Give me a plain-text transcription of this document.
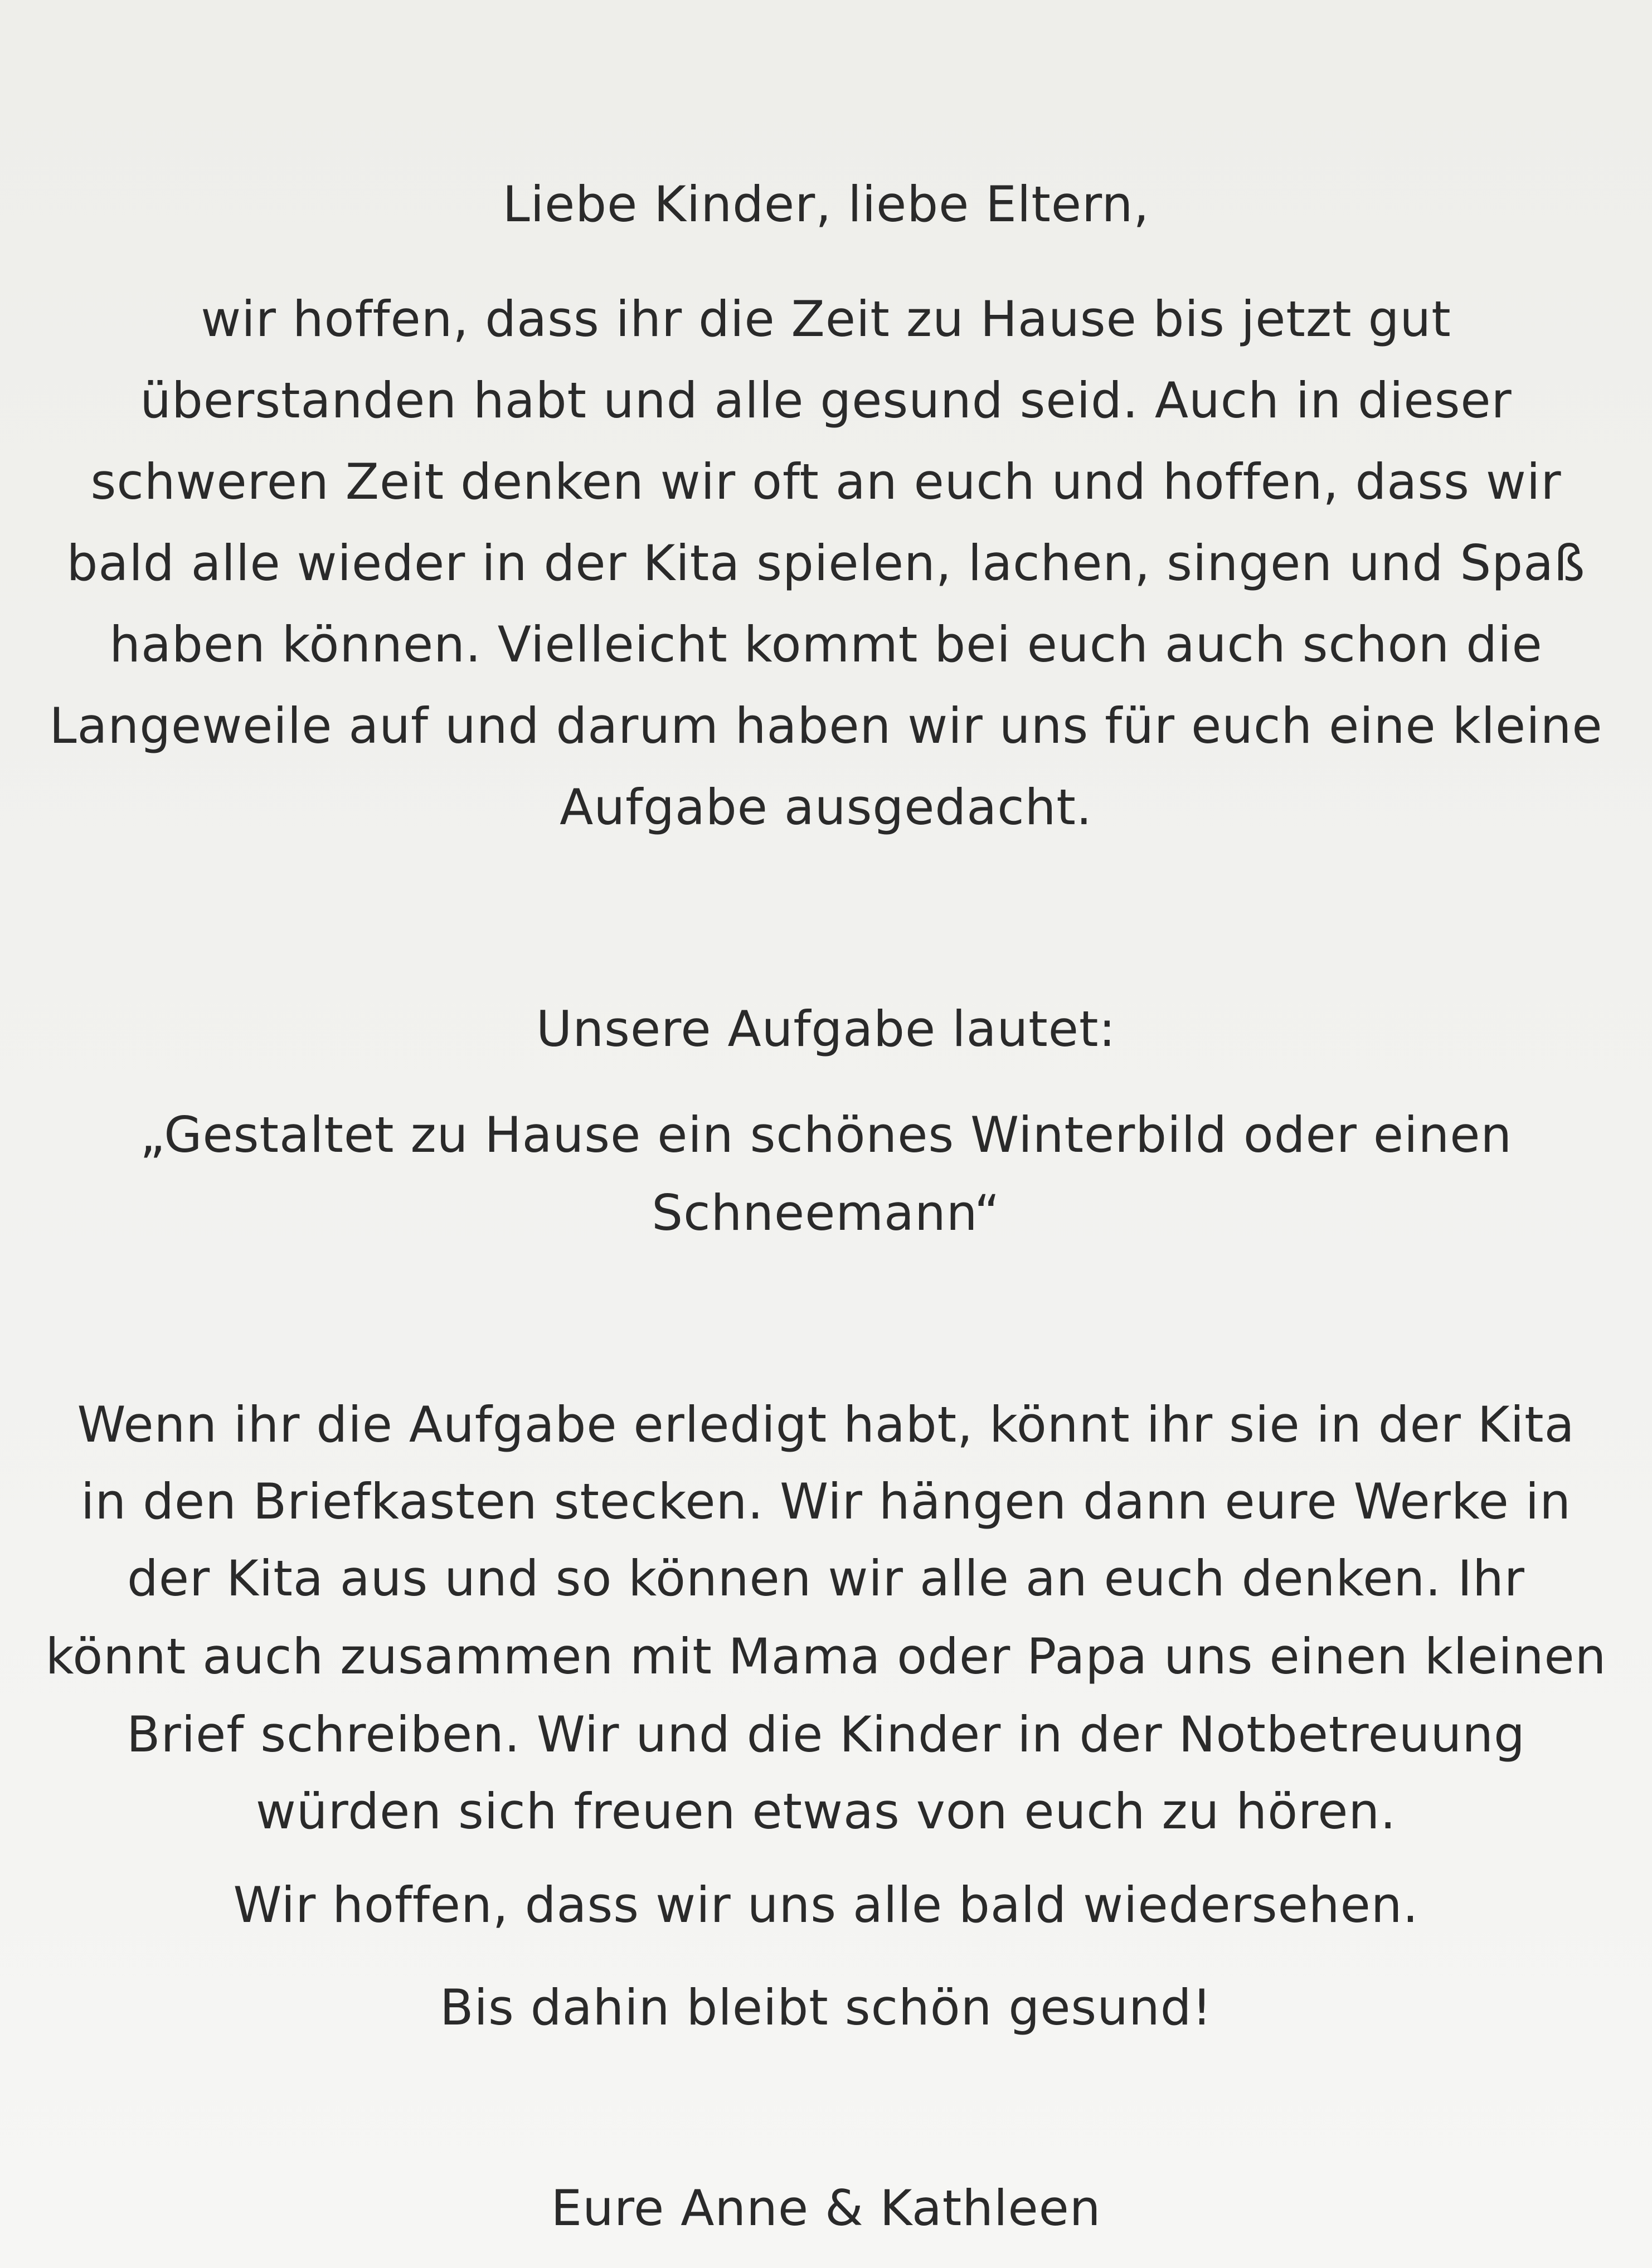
Liebe Kinder, liebe Eltern,
wir hoffen, dass ihr die Zeit zu Hause bis jetzt gut
überstanden habt und alle gesund seid. Auch in dieser
schweren Zeit denken wir oft an euch und hoffen, dass wir
bald alle wieder in der Kita spielen, lachen, singen und Spaß
haben können. Vielleicht kommt bei euch auch schon die
Langeweile auf und darum haben wir uns für euch eine kleine
Aufgabe ausgedacht.
Unsere Aufgabe lautet:
„Gestaltet zu Hause ein schönes Winterbild oder einen
Schneemann“
Wenn ihr die Aufgabe erledigt habt, könnt ihr sie in der Kita
in den Briefkasten stecken. Wir hängen dann eure Werke in
der Kita aus und so können wir alle an euch denken. Ihr
könnt auch zusammen mit Mama oder Papa uns einen kleinen
Brief schreiben. Wir und die Kinder in der Notbetreuung
würden sich freuen etwas von euch zu hören.
Wir hoffen, dass wir uns alle bald wiedersehen.
Bis dahin bleibt schön gesund!
Eure Anne & Kathleen
